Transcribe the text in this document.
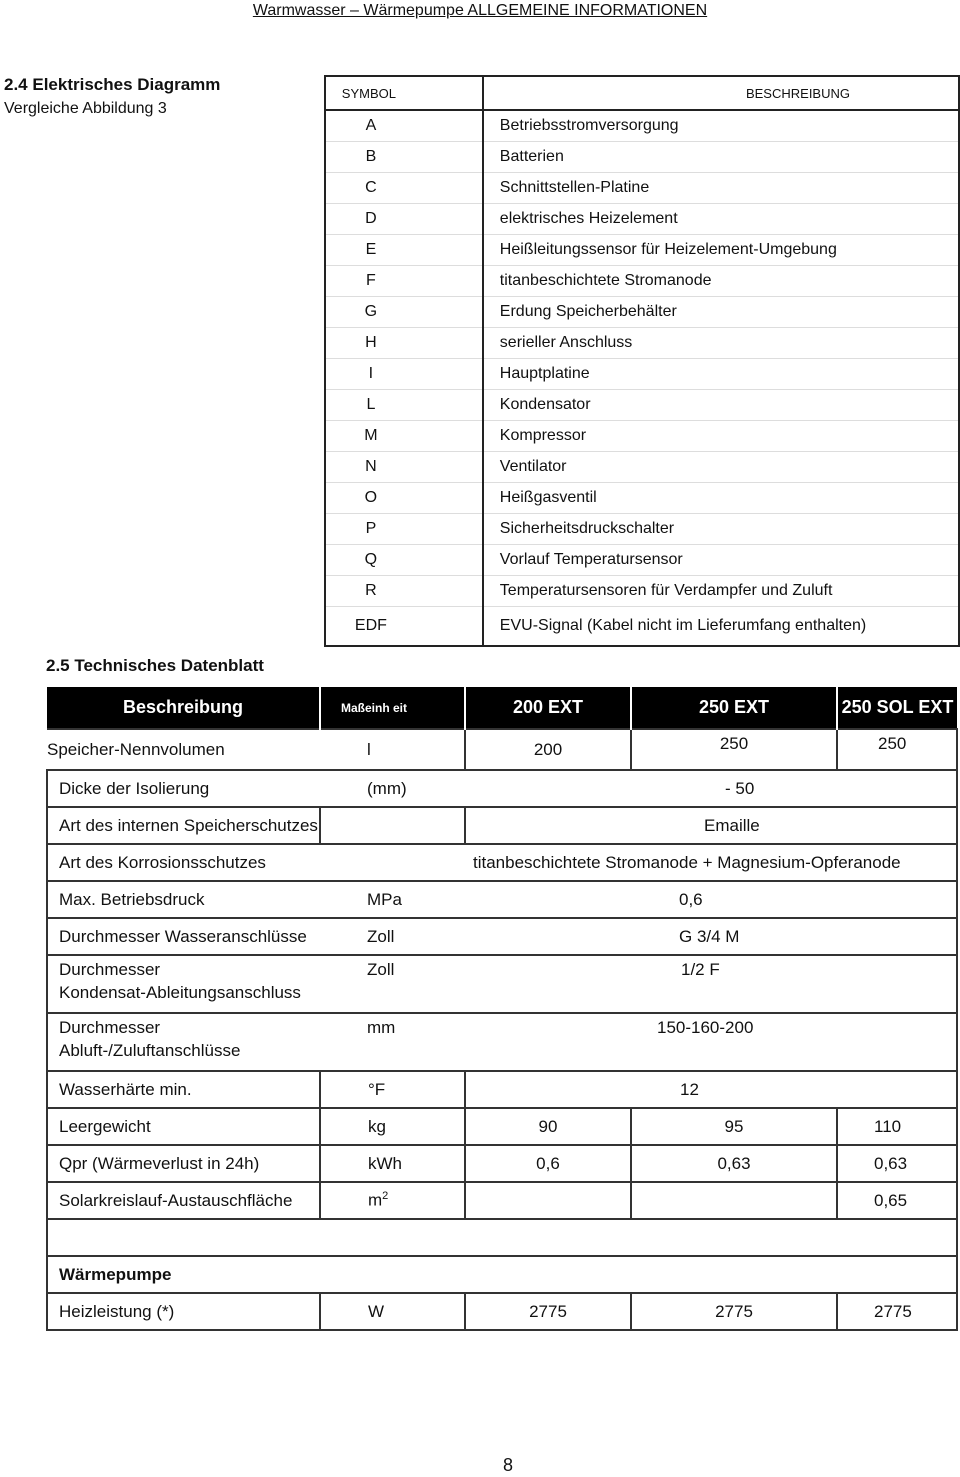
Warmwasser – Wärmepumpe ALLGEMEINE INFORMATIONEN
2.4 Elektrisches Diagramm
Vergleiche Abbildung 3
SYMBOL	BESCHREIBUNG
A	Betriebsstromversorgung
B	Batterien
C	Schnittstellen-Platine
D	elektrisches Heizelement
E	Heißleitungssensor für Heizelement-Umgebung
F	titanbeschichtete Stromanode
G	Erdung Speicherbehälter
H	serieller Anschluss
I	Hauptplatine
L	Kondensator
M	Kompressor
N	Ventilator
O	Heißgasventil
P	Sicherheitsdruckschalter
Q	Vorlauf Temperatursensor
R	Temperatursensoren für Verdampfer und Zuluft
EDF	EVU-Signal (Kabel nicht im Lieferumfang enthalten)
2.5 Technisches Datenblatt
Beschreibung	Maßeinh eit	200 EXT	250 EXT	250 SOL EXT
Speicher-Nennvolumen	l	200	250	250
Dicke der Isolierung	(mm)	- 50		
Art des internen Speicherschutzes		Emaille		
Art des Korrosionsschutzes		titanbeschichtete Stromanode + Magnesium-Opferanode		
Max. Betriebsdruck	MPa	0,6		
Durchmesser Wasseranschlüsse	Zoll	G 3/4 M		

Durchmesser
Kondensat-Ableitungsanschluss	Zoll	1/2 F		

Durchmesser
Abluft-/Zuluftanschlüsse	mm	150-160-200		
Wasserhärte min.	°F	12		
Leergewicht	kg	90	95	110
Qpr (Wärmeverlust in 24h)	kWh	0,6	0,63	0,63
Solarkreislauf-Austauschfläche	$m^2$			0,65

Wärmepumpe				
Heizleistung (*)	W	2775	2775	2775
8
